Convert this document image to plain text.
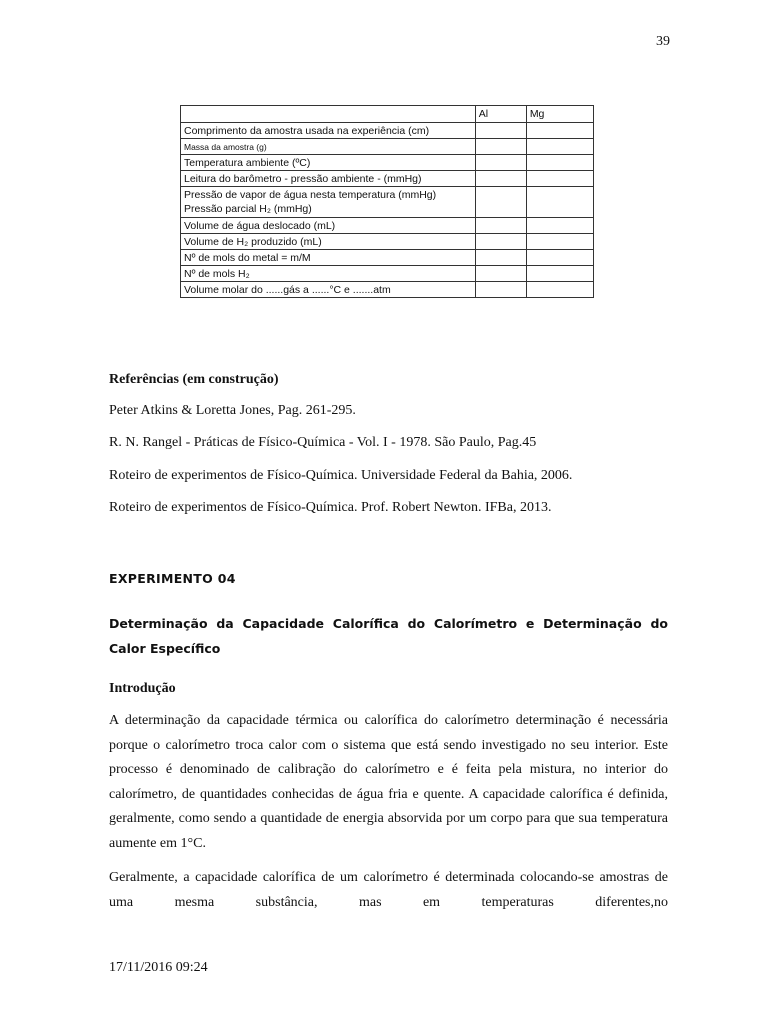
39
	Al	Mg
Comprimento da amostra usada na experiência (cm)		
Massa da amostra (g)		
Temperatura ambiente (ºC)		
Leitura do barômetro - pressão ambiente - (mmHg)		

Pressão de vapor de água nesta temperatura (mmHg)
Pressão parcial H₂ (mmHg)		

Volume de água deslocado (mL)		
Volume de H₂ produzido (mL)		
Nº de mols do metal = m/M		
Nº de mols H₂		
Volume molar do ......gás a ......°C e .......atm		
Referências (em construção)
Peter Atkins & Loretta Jones, Pag. 261-295.
R. N. Rangel - Práticas de Físico-Química - Vol. I - 1978. São Paulo, Pag.45
Roteiro de experimentos de Físico-Química. Universidade Federal da Bahia, 2006.
Roteiro de experimentos de Físico-Química. Prof. Robert Newton. IFBa, 2013.
EXPERIMENTO 04
Determinação da Capacidade Calorífica do Calorímetro e Determinação do Calor Específico
Introdução
A determinação da capacidade térmica ou calorífica do calorímetro determinação é necessária porque o calorímetro troca calor com o sistema que está sendo investigado no seu interior. Este processo é denominado de calibração do calorímetro e é feita pela mistura, no interior do calorímetro, de quantidades conhecidas de água fria e quente. A capacidade calorífica é definida, geralmente, como sendo a quantidade de energia absorvida por um corpo para que sua temperatura aumente em 1°C.
Geralmente, a capacidade calorífica de um calorímetro é determinada colocando-se amostras de uma mesma substância, mas em temperaturas diferentes,no
17/11/2016 09:24
